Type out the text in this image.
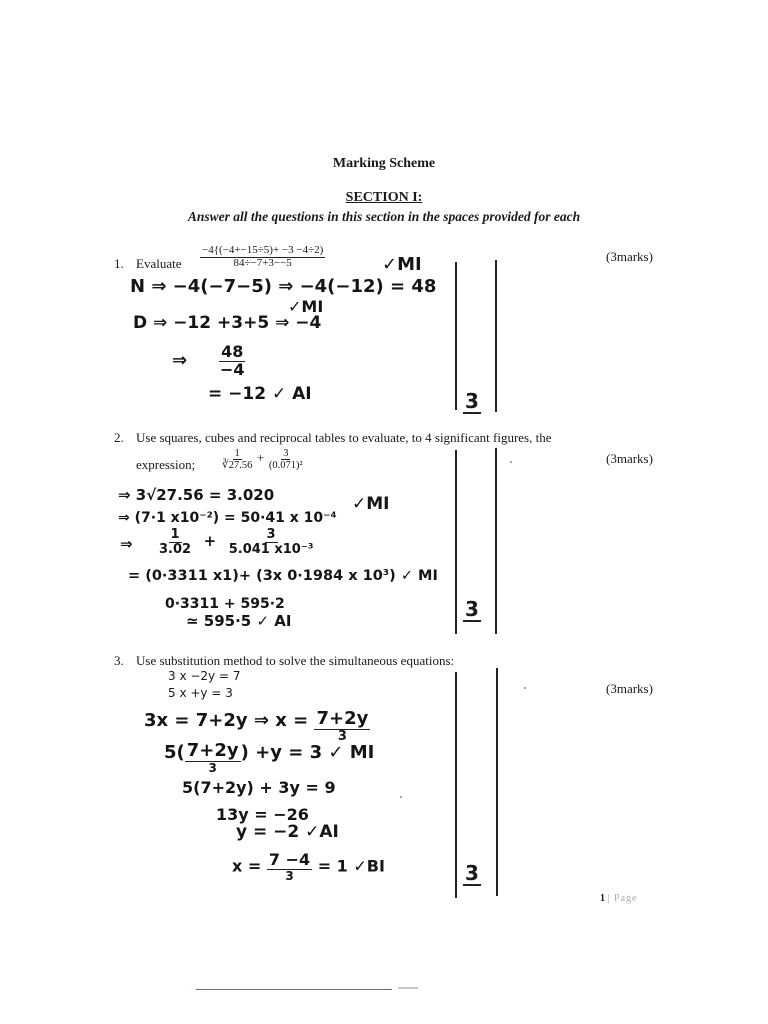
Marking Scheme
SECTION I:
Answer all the questions in this section in the spaces provided for each
1. Evaluate $\frac{-4\{(-4+-15\div 5)+ -3 -4\div 2)}{84\div-7+3--5}$	(3marks)
N ⇒ −4(−7−5) ⇒ −4(−12) = 48
✓MI
✓MI
D ⇒ −12 +3+5 ⇒ −4
⇒ $\frac{48}{-4}$
= −12 ✓ AI	3
2. Use squares, cubes and reciprocal tables to evaluate, to 4 significant figures, the
expression; $\frac{1}{∛27.56} + \frac{3}{\text{(0.071)²}}$	(3marks)
⇒ 3√27.56 = 3.020
⇒ (7·1 x10⁻²) = 50·41 x 10⁻⁴
✓MI
⇒ $\frac{1}{3.02} + \frac{3}{\text{5.041 x10⁻³}}$
= (0·3311 x1)+ (3x 0·1984 x 10³) ✓ MI
0·3311 + 595·2
≃ 595·5 ✓ AI	3
3. Use substitution method to solve the simultaneous equations:
3 x −2y = 7
5 x +y = 3	(3marks)
3x = 7+2y ⇒ $x = \frac{7+2y}{3}$
$5( \frac{7+2y}{3}$ ) +y = 3 ✓ MI
5(7+2y) + 3y = 9
13y = −26
y = −2 ✓AI
$x = \frac{7 -4}{3} = 1$ ✓BI	3
1 | Page
